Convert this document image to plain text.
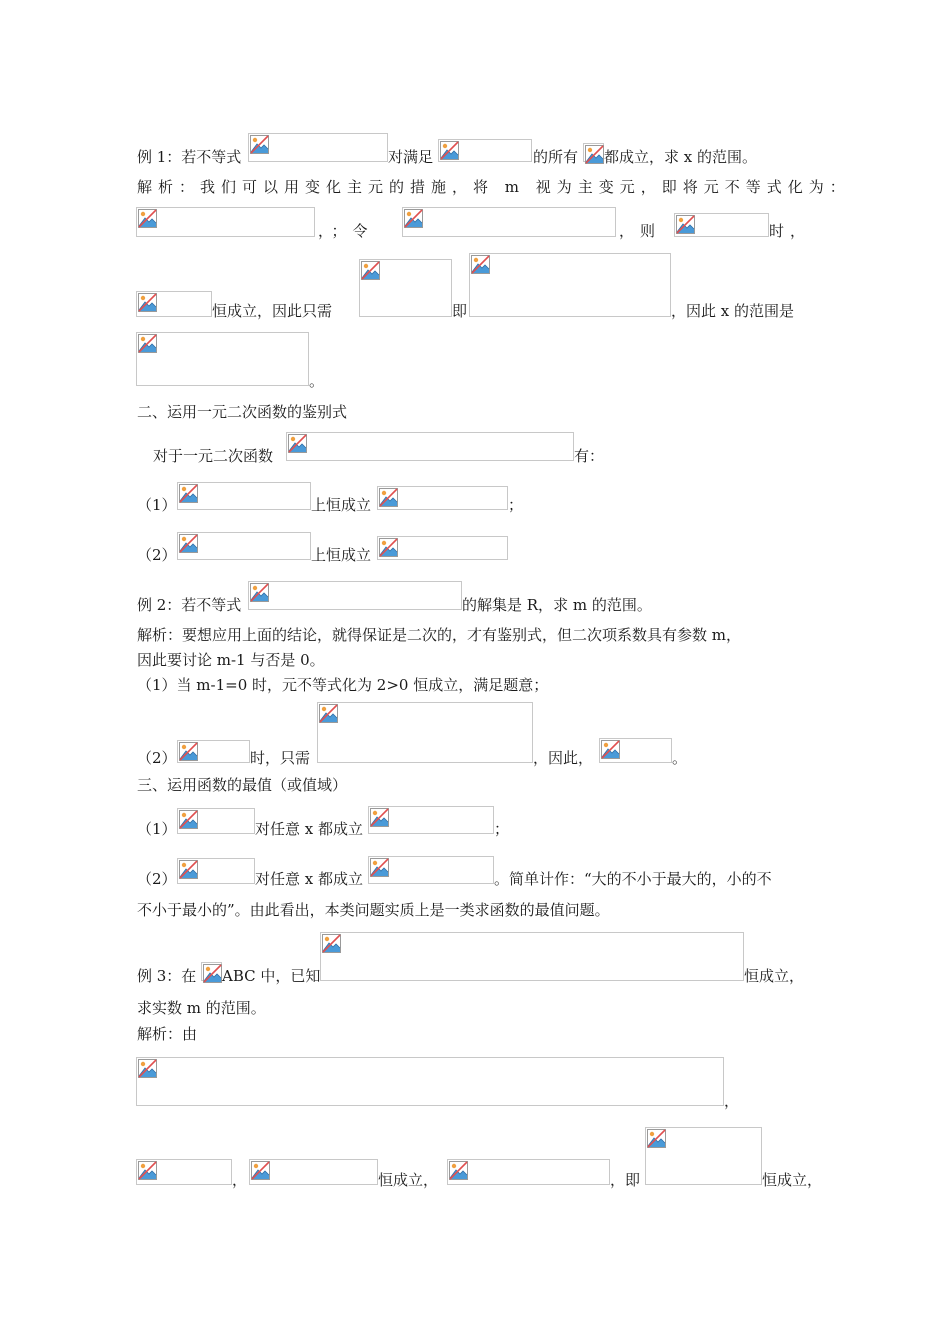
例 1：若不等式	对满足	的所有 都成立，求 x 的范围。
解析：我们可以用变化主元的措施，将 m 视为主变元，即将元不等式化为：
，；令	，则	时，
恒成立，因此只需	即	，因此 x 的范围是
。
二、运用一元二次函数的鉴别式
对于一元二次函数	有：
（1）	上恒成立	；
（2）	上恒成立
例 2：若不等式	的解集是 R，求 m 的范围。
解析：要想应用上面的结论，就得保证是二次的，才有鉴别式，但二次项系数具有参数 m，
因此要讨论 m-1 与否是 0。
（1）当 m-1=0 时，元不等式化为 2>0 恒成立，满足题意；
（2）	时，只需	，因此，	。
三、运用函数的最值（或值域）
（1）	对任意 x 都成立	；
（2）	对任意 x 都成立	。简单计作：“大的不小于最大的，小的不
不小于最小的”。由此看出，本类问题实质上是一类求函数的最值问题。
例 3：在 ABC 中，已知	恒成立，
求实数 m 的范围。
解析：由
，
，	恒成立，	，即	恒成立，
